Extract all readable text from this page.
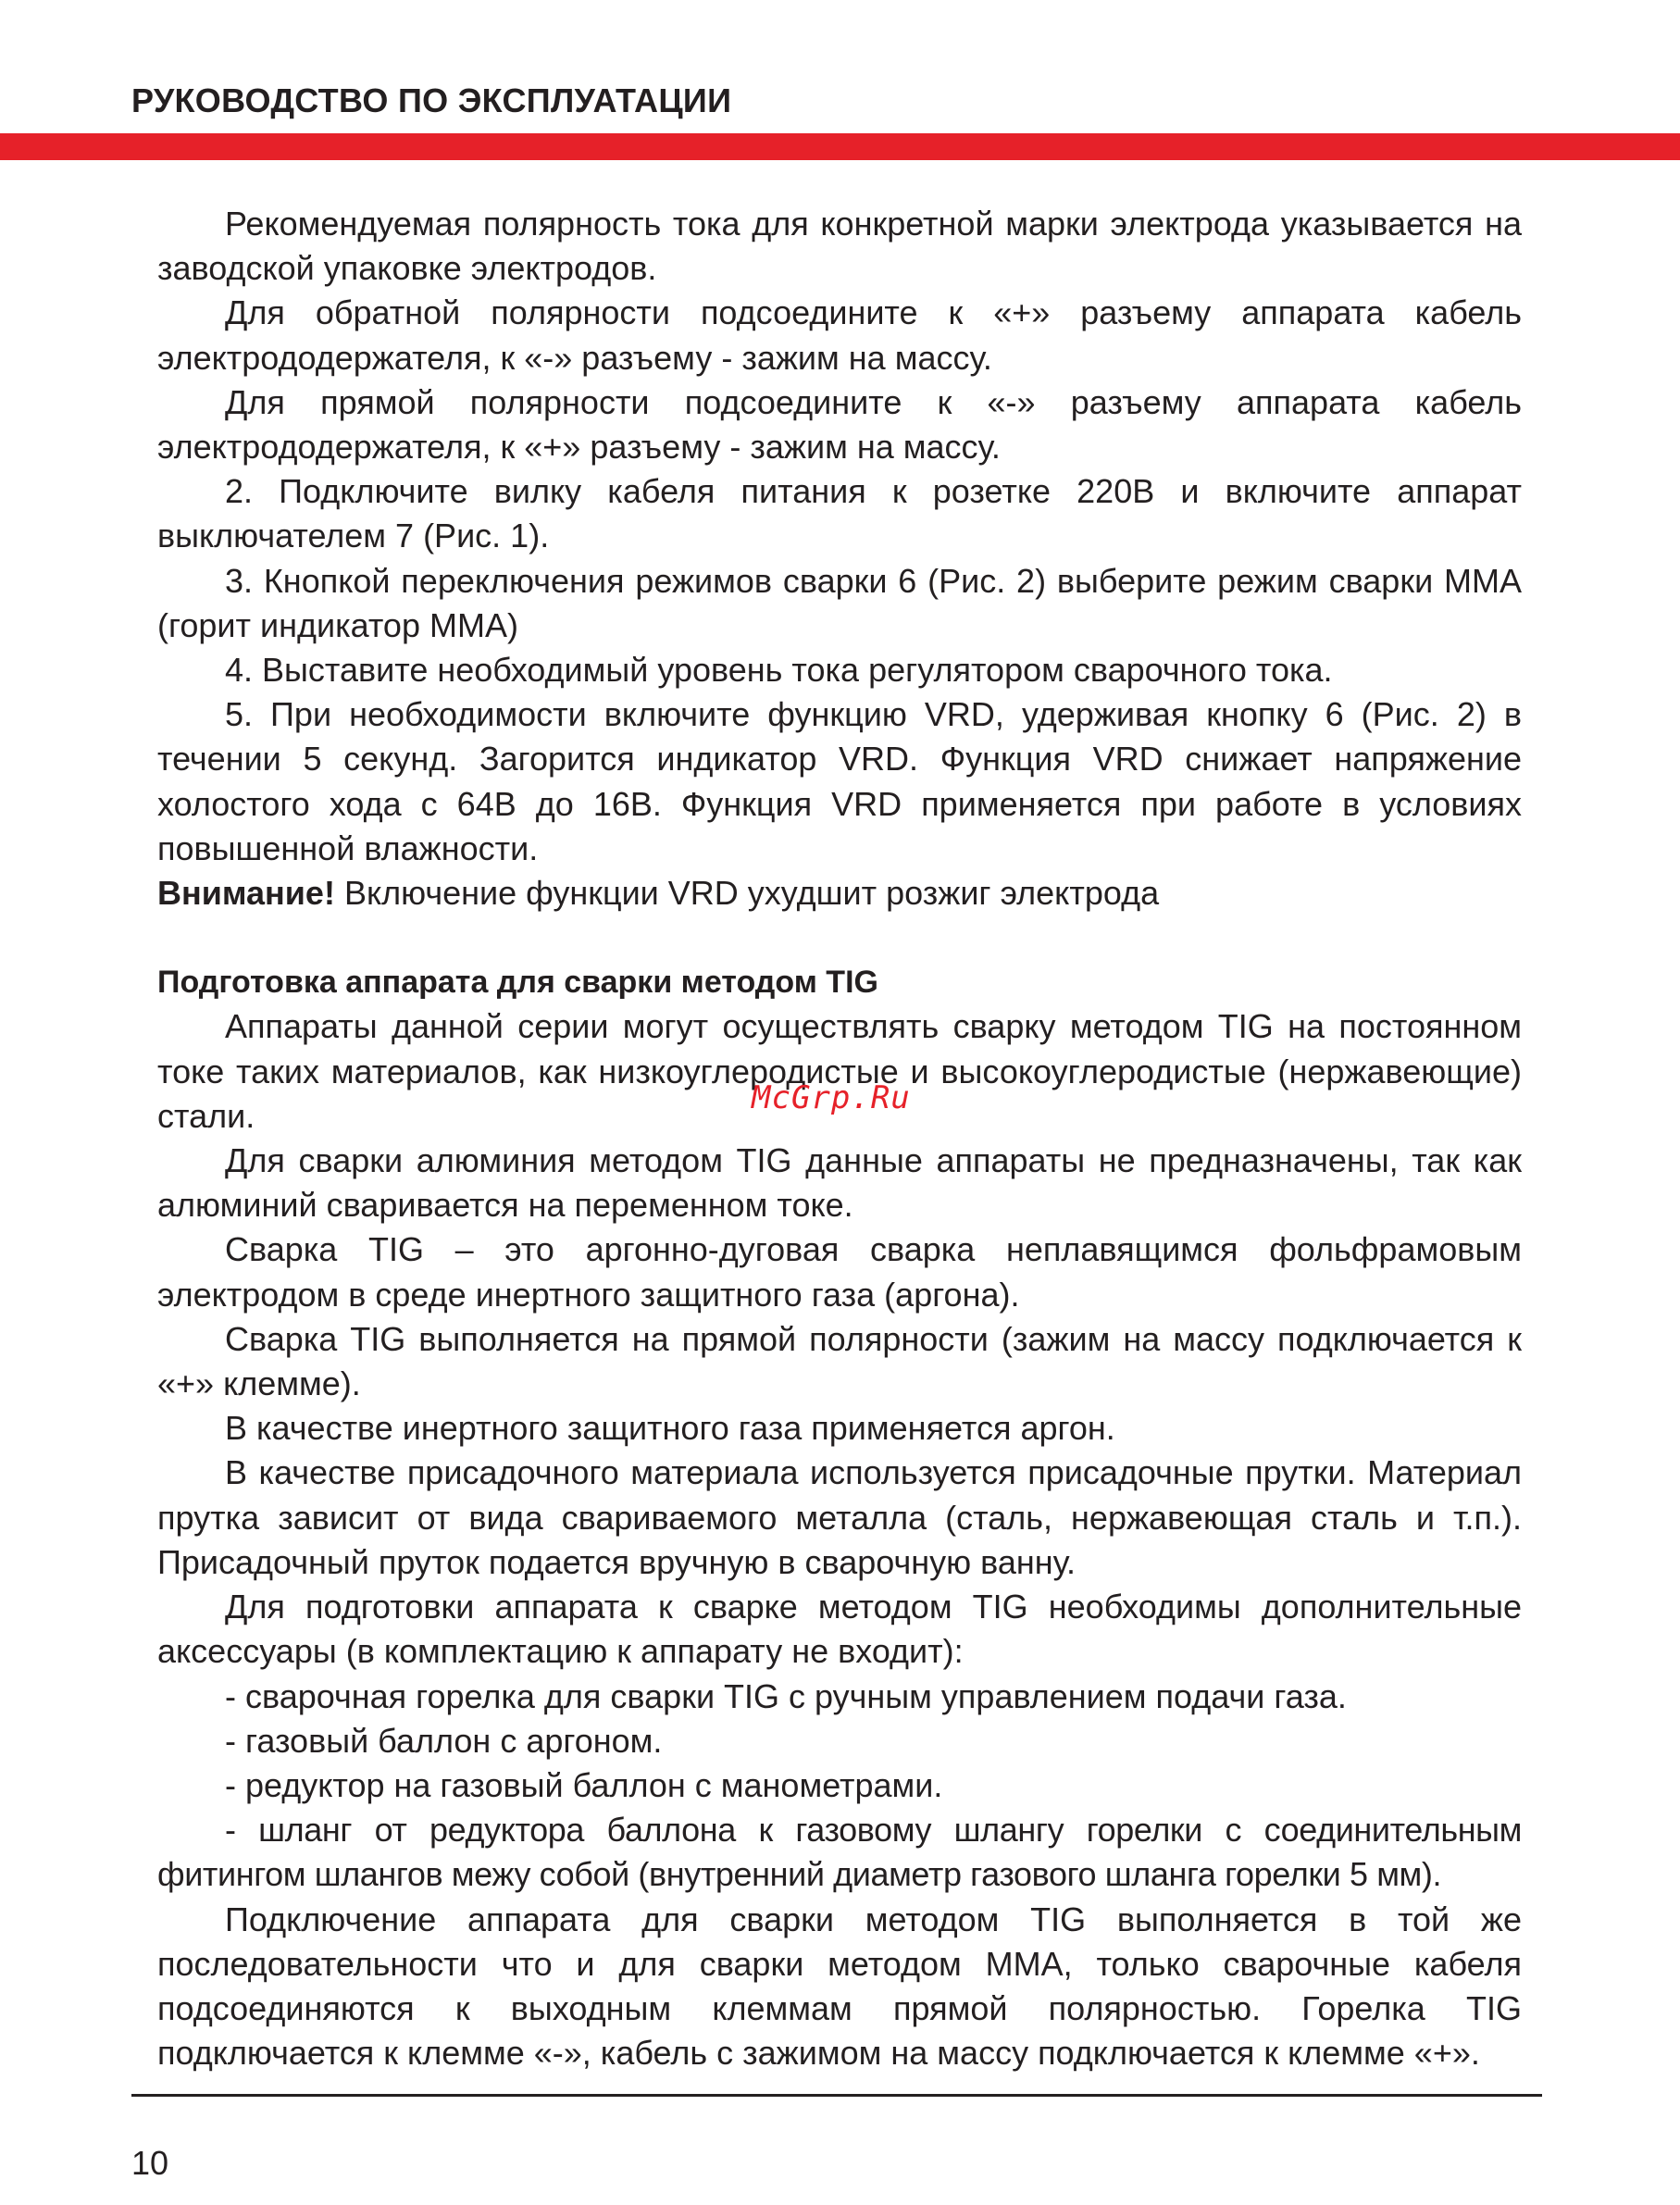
РУКОВОДСТВО ПО ЭКСПЛУАТАЦИИ

Рекомендуемая полярность тока для конкретной марки электрода указывается на заводской упаковке электродов.

Для обратной полярности подсоедините к «+» разъему аппарата кабель электрододержателя, к «-» разъему - зажим на массу.

Для прямой полярности подсоедините к «-» разъему аппарата кабель электрододержателя, к «+» разъему - зажим на массу.

2. Подключите вилку кабеля питания к розетке 220В и включите аппарат выключателем 7 (Рис. 1).

3. Кнопкой переключения режимов сварки 6 (Рис. 2) выберите режим сварки ММА (горит индикатор ММА)

4. Выставите необходимый уровень тока регулятором сварочного тока.

5. При необходимости включите функцию VRD, удерживая кнопку 6 (Рис. 2) в течении 5 секунд. Загорится индикатор VRD. Функция VRD снижает напряжение холостого хода с 64В до 16В. Функция VRD применяется при работе в условиях повышенной влажности.

Внимание! Включение функции VRD ухудшит розжиг электрода

Подготовка аппарата для сварки методом TIG

Аппараты данной серии могут осуществлять сварку методом TIG на постоянном токе таких материалов, как низкоуглеродистые и высокоуглеродистые (нержавеющие) стали.

Для сварки алюминия методом TIG данные аппараты не предназначены, так как алюминий сваривается на переменном токе.

Сварка TIG – это аргонно-дуговая сварка неплавящимся фольфрамовым электродом в среде инертного защитного газа (аргона).

Сварка TIG выполняется на прямой полярности (зажим на массу подключается к «+» клемме).

В качестве инертного защитного газа применяется аргон.

В качестве присадочного материала используется присадочные прутки. Материал прутка зависит от вида свариваемого металла (сталь, нержавеющая сталь и т.п.). Присадочный пруток подается вручную в сварочную ванну.

Для подготовки аппарата к сварке методом TIG необходимы дополнительные аксессуары (в комплектацию к аппарату не входит):

- сварочная горелка для сварки TIG с ручным управлением подачи газа.

- газовый баллон с аргоном.

- редуктор на газовый баллон с манометрами.

- шланг от редуктора баллона к газовому шлангу горелки с соединительным фитингом шлангов межу собой (внутренний диаметр газового шланга горелки 5 мм).

Подключение аппарата для сварки методом TIG выполняется в той же последовательности что и для сварки методом ММА, только сварочные кабеля подсоединяются к выходным клеммам прямой полярностью. Горелка TIG подключается к клемме «-», кабель с зажимом на массу подключается к клемме «+».

McGrp.Ru
10
